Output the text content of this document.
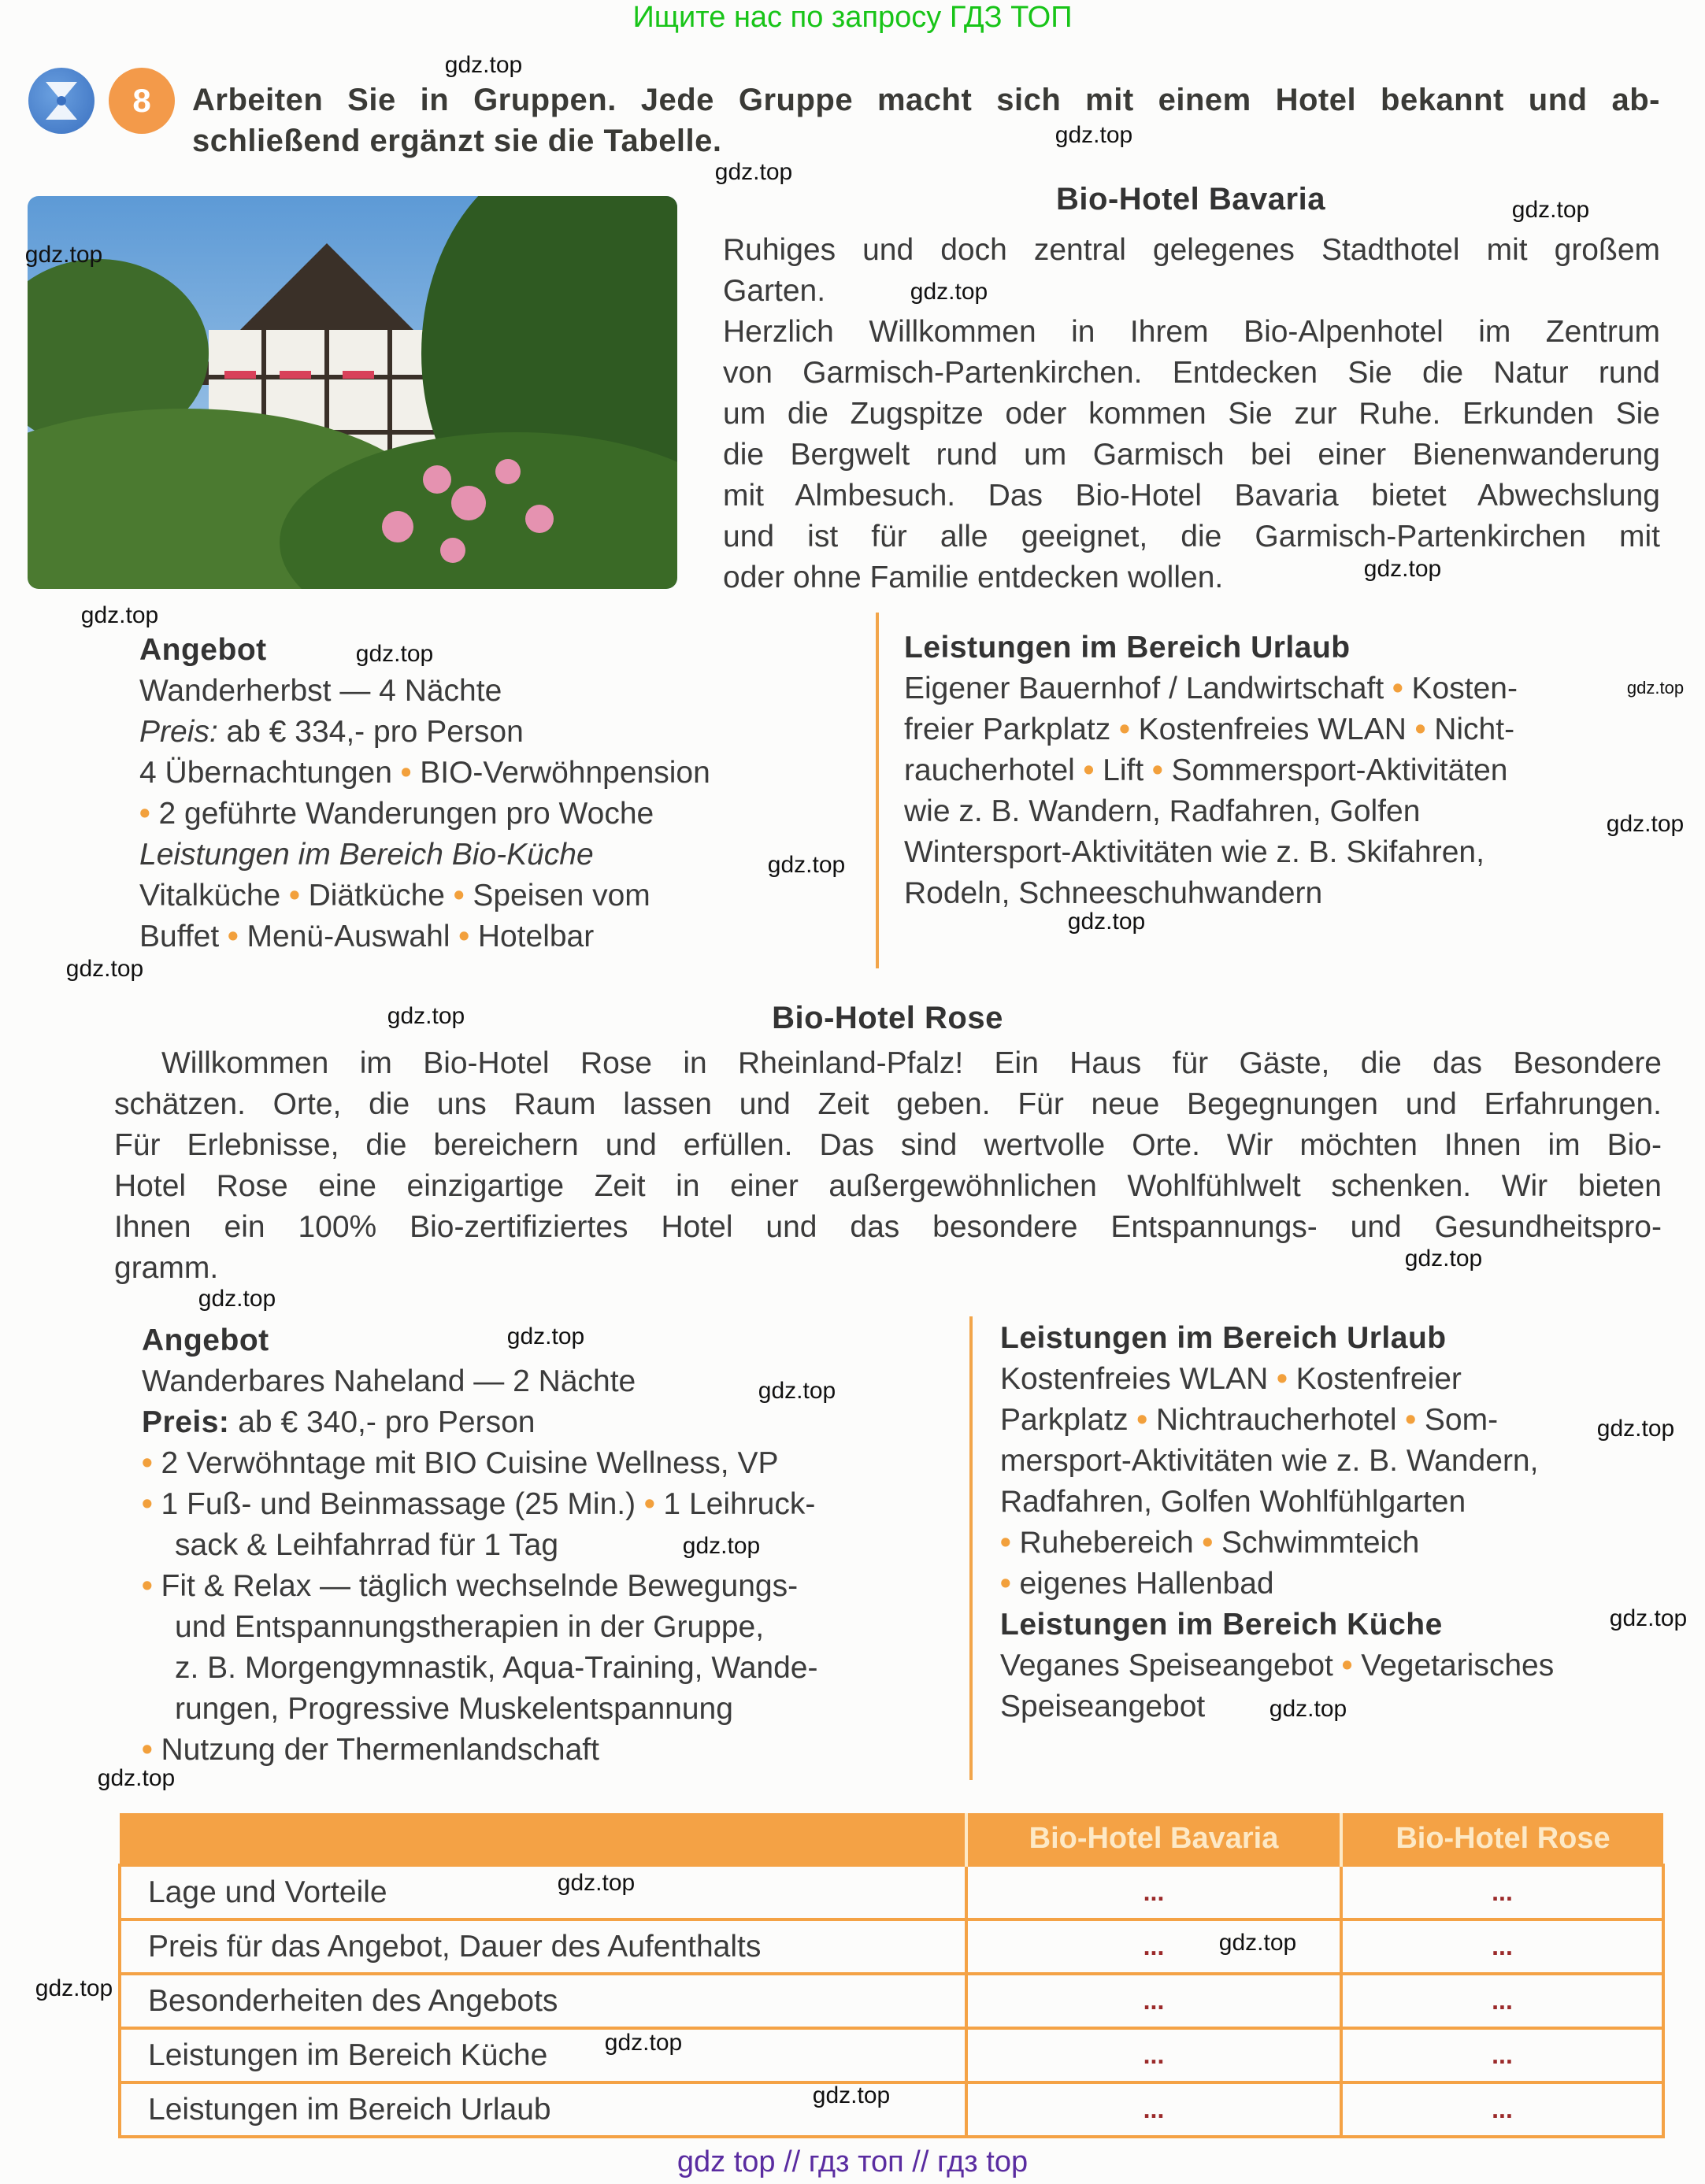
Ищите нас по запросу ГДЗ ТОП
8	Arbeiten Sie in Gruppen. Jede Gruppe macht sich mit einem Hotel bekannt und ab-
schließend ergänzt sie die Tabelle.
Bio-Hotel Bavaria
Ruhiges und doch zentral gelegenes Stadthotel mit großem
Garten.
Herzlich Willkommen in Ihrem Bio-Alpenhotel im Zentrum
von Garmisch-Partenkirchen. Entdecken Sie die Natur rund
um die Zugspitze oder kommen Sie zur Ruhe. Erkunden Sie
die Bergwelt rund um Garmisch bei einer Bienenwanderung
mit Almbesuch. Das Bio-Hotel Bavaria bietet Abwechslung
und ist für alle geeignet, die Garmisch-Partenkirchen mit
oder ohne Familie entdecken wollen.
Angebot
Wanderherbst — 4 Nächte
Preis: ab € 334,- pro Person
4 Übernachtungen • BIO-Verwöhnpension
• 2 geführte Wanderungen pro Woche
Leistungen im Bereich Bio-Küche
Vitalküche • Diätküche • Speisen vom
Buffet • Menü-Auswahl • Hotelbar
Leistungen im Bereich Urlaub
Eigener Bauernhof / Landwirtschaft • Kosten-
freier Parkplatz • Kostenfreies WLAN • Nicht-
raucherhotel • Lift • Sommersport-Aktivitäten
wie z. B. Wandern, Radfahren, Golfen
Wintersport-Aktivitäten wie z. B. Skifahren,
Rodeln, Schneeschuhwandern
Bio-Hotel Rose
Willkommen im Bio-Hotel Rose in Rheinland-Pfalz! Ein Haus für Gäste, die das Besondere
schätzen. Orte, die uns Raum lassen und Zeit geben. Für neue Begegnungen und Erfahrungen.
Für Erlebnisse, die bereichern und erfüllen. Das sind wertvolle Orte. Wir möchten Ihnen im Bio-
Hotel Rose eine einzigartige Zeit in einer außergewöhnlichen Wohlfühlwelt schenken. Wir bieten
Ihnen ein 100% Bio-zertifiziertes Hotel und das besondere Entspannungs- und Gesundheitspro-
gramm.
Angebot
Wanderbares Naheland — 2 Nächte
Preis: ab € 340,- pro Person
• 2 Verwöhntage mit BIO Cuisine Wellness, VP
• 1 Fuß- und Beinmassage (25 Min.) • 1 Leihruck-
sack & Leihfahrrad für 1 Tag
• Fit & Relax — täglich wechselnde Bewegungs-
und Entspannungstherapien in der Gruppe,
z. B. Morgengymnastik, Aqua-Training, Wande-
rungen, Progressive Muskelentspannung
• Nutzung der Thermenlandschaft
Leistungen im Bereich Urlaub
Kostenfreies WLAN • Kostenfreier
Parkplatz • Nichtraucherhotel • Som-
mersport-Aktivitäten wie z. B. Wandern,
Radfahren, Golfen Wohlfühlgarten
• Ruhebereich • Schwimmteich
• eigenes Hallenbad
Leistungen im Bereich Küche
Veganes Speiseangebot • Vegetarisches
Speiseangebot
	Bio-Hotel Bavaria	Bio-Hotel Rose
Lage und Vorteile	...	...
Preis für das Angebot, Dauer des Aufenthalts	...	...
Besonderheiten des Angebots	...	...
Leistungen im Bereich Küche	...	...
Leistungen im Bereich Urlaub	...	...
gdz.top
gdz.top
gdz.top
gdz.top
gdz.top
gdz.top
gdz.top
gdz.top
gdz.top
gdz.top
gdz.top
gdz.top
gdz.top
gdz.top
gdz.top
gdz.top
gdz.top
gdz.top
gdz.top
gdz.top
gdz.top
gdz.top
gdz.top
gdz.top
gdz.top
gdz.top
gdz.top
gdz.top
gdz.top
gdz top // гдз топ // гдз top
